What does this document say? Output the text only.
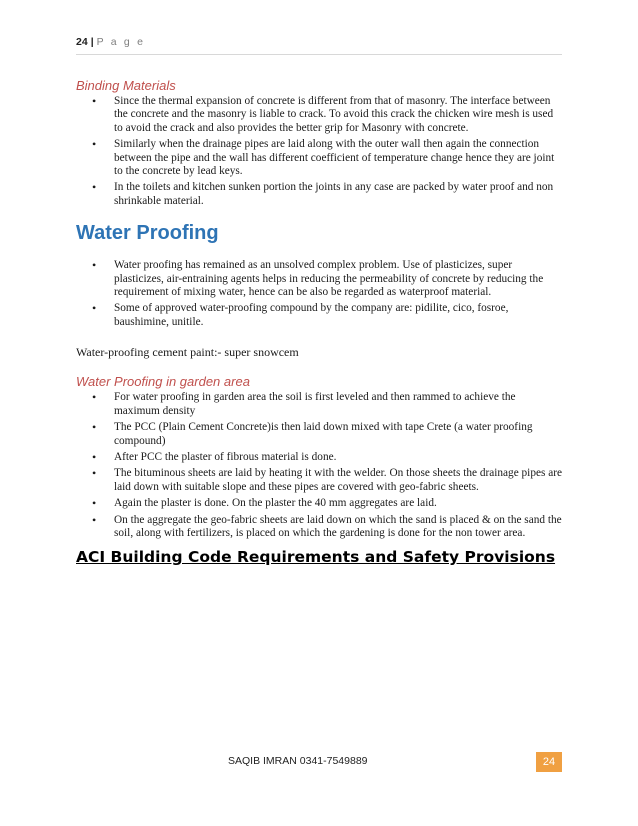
24 | P a g e
Binding Materials
• Since the thermal expansion of concrete is different from that of masonry. The interface between the concrete and the masonry is liable to crack. To avoid this crack the chicken wire mesh is used to avoid the crack and also provides the better grip for Masonry with concrete.
• Similarly when the drainage pipes are laid along with the outer wall then again the connection between the pipe and the wall has different coefficient of temperature change hence they are joint to the concrete by lead keys.
• In the toilets and kitchen sunken portion the joints in any case are packed by water proof and non shrinkable material.
Water Proofing
• Water proofing has remained as an unsolved complex problem. Use of plasticizes, super plasticizes, air-entraining agents helps in reducing the permeability of concrete by reducing the requirement of mixing water, hence can be also be regarded as waterproof material.
• Some of approved water-proofing compound by the company are: pidilite, cico, fosroe, baushimine, unitile.

Water-proofing cement paint:- super snowcem

Water Proofing in garden area
• For water proofing in garden area the soil is first leveled and then rammed to achieve the maximum density
• The PCC (Plain Cement Concrete)is then laid down mixed with tape Crete (a water proofing compound)
• After PCC the plaster of fibrous material is done.
• The bituminous sheets are laid by heating it with the welder. On those sheets the drainage pipes are laid down with suitable slope and these pipes are covered with geo-fabric sheets.
• Again the plaster is done. On the plaster the 40 mm aggregates are laid.
• On the aggregate the geo-fabric sheets are laid down on which the sand is placed & on the sand the soil, along with fertilizers, is placed on which the gardening is done for the non tower area.
ACI Building Code Requirements and Safety Provisions
SAQIB IMRAN 0341-7549889	24
